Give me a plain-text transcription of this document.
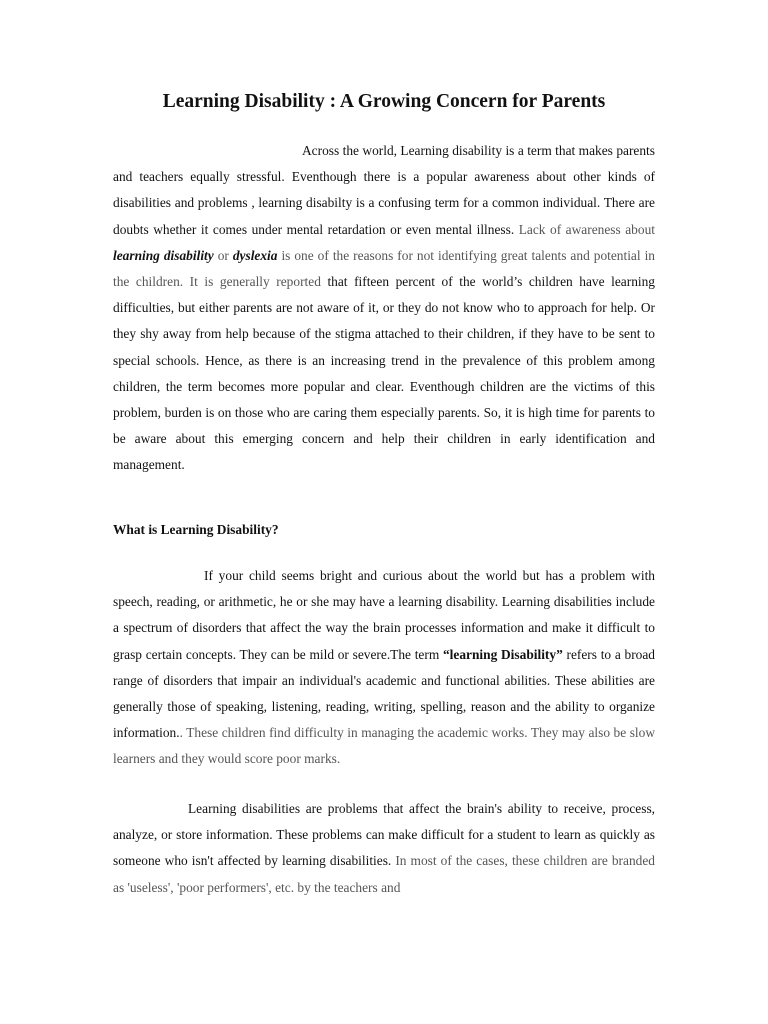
Learning Disability : A Growing Concern for Parents

Across the world, Learning disability is a term that makes parents and teachers equally stressful. Eventhough there is a popular awareness about other kinds of disabilities and problems , learning disabilty is a confusing term for a common individual. There are doubts whether it comes under mental retardation or even mental illness. Lack of awareness about learning disability or dyslexia is one of the reasons for not identifying great talents and potential in the children. It is generally reported that fifteen percent of the world’s children have learning difficulties, but either parents are not aware of it, or they do not know who to approach for help. Or they shy away from help because of the stigma attached to their children, if they have to be sent to special schools. Hence, as there is an increasing trend in the prevalence of this problem among children, the term becomes more popular and clear. Eventhough children are the victims of this problem, burden is on those who are caring them especially parents. So, it is high time for parents to be aware about this emerging concern and help their children in early identification and management.

What is Learning Disability?

If your child seems bright and curious about the world but has a problem with speech, reading, or arithmetic, he or she may have a learning disability. Learning disabilities include a spectrum of disorders that affect the way the brain processes information and make it difficult to grasp certain concepts. They can be mild or severe.The term “learning Disability” refers to a broad range of disorders that impair an individual's academic and functional abilities. These abilities are generally those of speaking, listening, reading, writing, spelling, reason and the ability to organize information.. These children find difficulty in managing the academic works. They may also be slow learners and they would score poor marks.

Learning disabilities are problems that affect the brain's ability to receive, process, analyze, or store information. These problems can make difficult for a student to learn as quickly as someone who isn't affected by learning disabilities. In most of the cases, these children are branded as 'useless', 'poor performers', etc. by the teachers and
